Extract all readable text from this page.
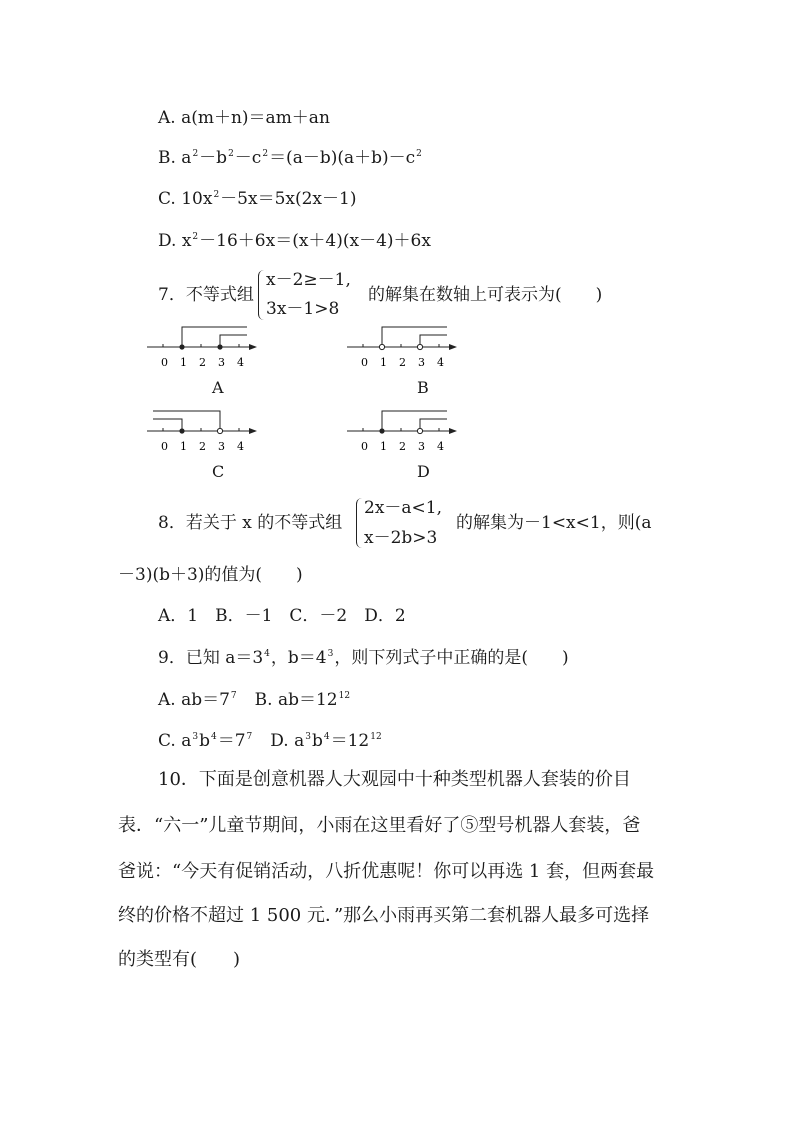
A. a(m＋n)＝am＋an
B. $a^2-b^2-c^2=(a-b)(a+b)-c^2$
C. $10x^2-5x=5x(2x-1)$
D. $x^2-16+6x=(x+4)(x-4)+6x$
7．不等式组
x－2≥－1,
3x－1>8
的解集在数轴上可表示为(　　)
0 1 2 3 4
A
0 1 2 3 4
B
0 1 2 3 4
C
0 1 2 3 4
D
8．若关于 x 的不等式组
2x－a<1,
x－2b>3
的解集为－1<x<1，则(a
－3)(b＋3)的值为(　　)
A．1　B．－1　C．－2　D．2
9．已知 $a=3^4$，$b=4^3$，则下列式子中正确的是(　　)
A. $ab=7^7$　B. $ab=12^{12}$
C. $a^3b^4=7^7$　D. $a^3b^4=12^{12}$
10．下面是创意机器人大观园中十种类型机器人套装的价目
表．“六一”儿童节期间，小雨在这里看好了⑤型号机器人套装，爸
爸说：“今天有促销活动，八折优惠呢！你可以再选 1 套，但两套最
终的价格不超过 1 500 元．”那么小雨再买第二套机器人最多可选择
的类型有(　　)
